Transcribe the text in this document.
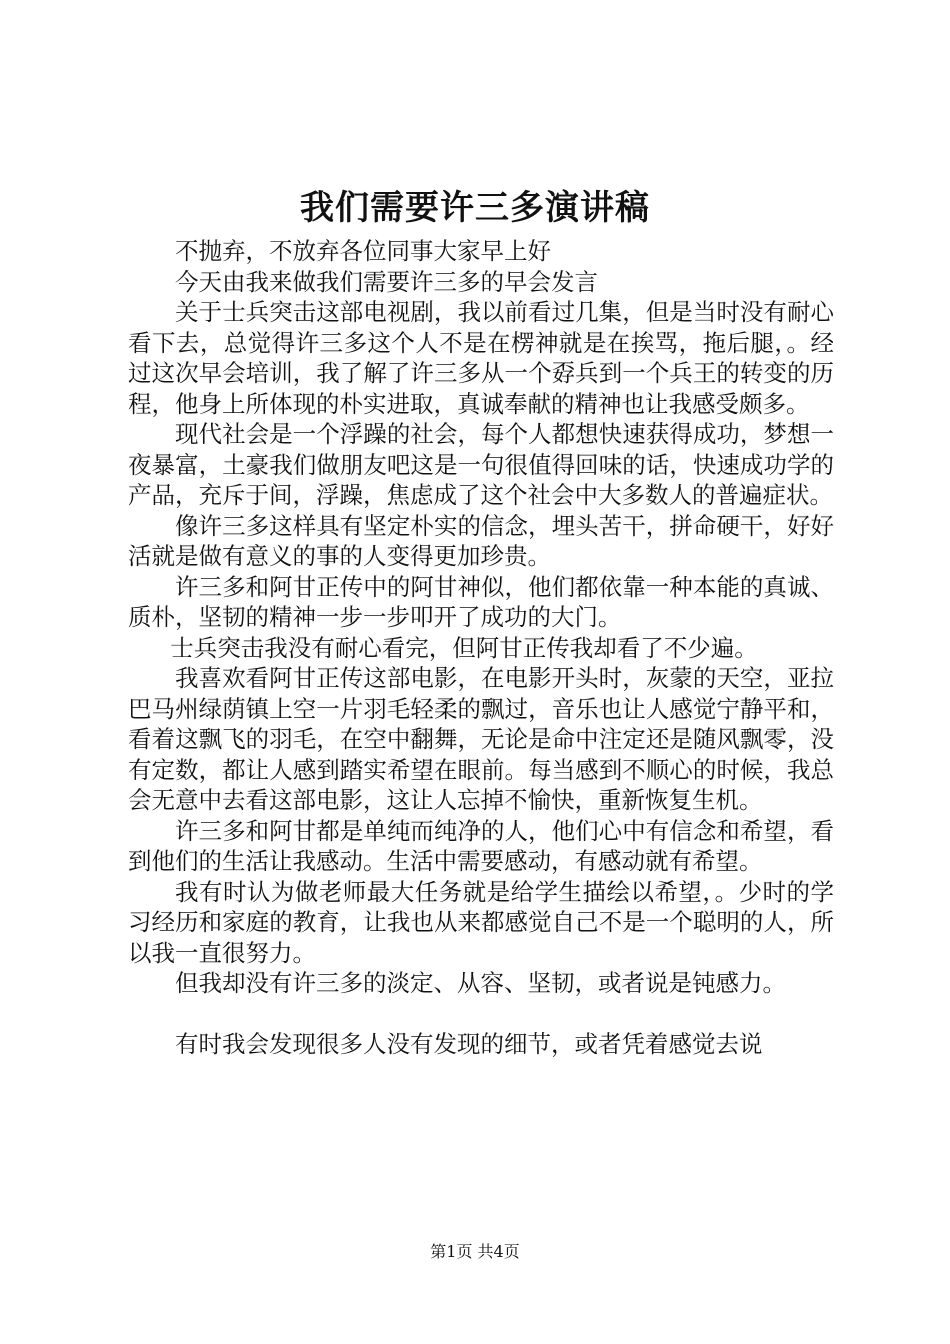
我们需要许三多演讲稿

不抛弃，不放弃各位同事大家早上好

今天由我来做我们需要许三多的早会发言

关于士兵突击这部电视剧，我以前看过几集，但是当时没有耐心看下去，总觉得许三多这个人不是在楞神就是在挨骂，拖后腿，。经过这次早会培训，我了解了许三多从一个孬兵到一个兵王的转变的历程，他身上所体现的朴实进取，真诚奉献的精神也让我感受颇多。

现代社会是一个浮躁的社会，每个人都想快速获得成功，梦想一夜暴富，土豪我们做朋友吧这是一句很值得回味的话，快速成功学的产品，充斥于间，浮躁，焦虑成了这个社会中大多数人的普遍症状。

像许三多这样具有坚定朴实的信念，埋头苦干，拼命硬干，好好活就是做有意义的事的人变得更加珍贵。

许三多和阿甘正传中的阿甘神似，他们都依靠一种本能的真诚、质朴，坚韧的精神一步一步叩开了成功的大门。

士兵突击我没有耐心看完，但阿甘正传我却看了不少遍。

我喜欢看阿甘正传这部电影，在电影开头时，灰蒙的天空，亚拉巴马州绿荫镇上空一片羽毛轻柔的飘过，音乐也让人感觉宁静平和，看着这飘飞的羽毛，在空中翻舞，无论是命中注定还是随风飘零，没有定数，都让人感到踏实希望在眼前。每当感到不顺心的时候，我总会无意中去看这部电影，这让人忘掉不愉快，重新恢复生机。

许三多和阿甘都是单纯而纯净的人，他们心中有信念和希望，看到他们的生活让我感动。生活中需要感动，有感动就有希望。

我有时认为做老师最大任务就是给学生描绘以希望，。少时的学习经历和家庭的教育，让我也从来都感觉自己不是一个聪明的人，所以我一直很努力。

但我却没有许三多的淡定、从容、坚韧，或者说是钝感力。

有时我会发现很多人没有发现的细节，或者凭着感觉去说

第1页 共4页
